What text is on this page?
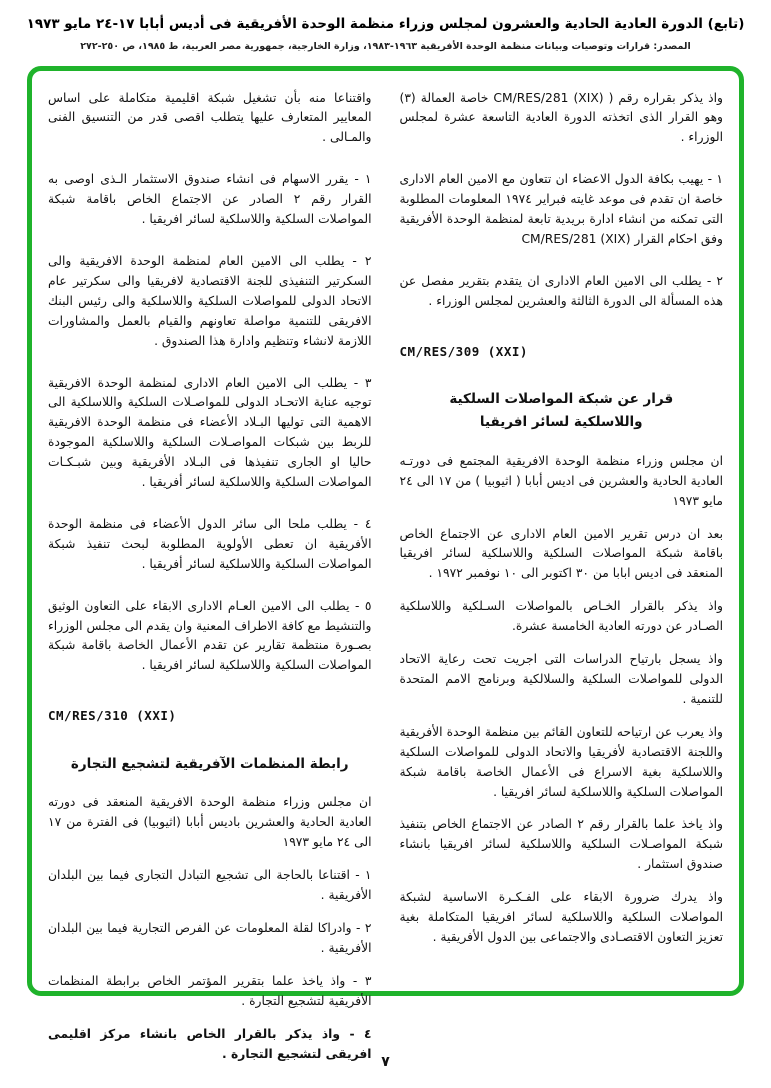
(تابع) الدورة العادية الحادية والعشرون لمجلس وزراء منظمة الوحدة الأفريقية فى أديس أبابا ١٧-٢٤ مايو ١٩٧٣
المصدر: قرارات وتوصيات وبيانات منظمة الوحدة الأفريقية ١٩٦٣-١٩٨٣، وزارة الخارجية، جمهورية مصر العربية، ط ١٩٨٥، ص ٢٥٠-٢٧٢

واذ يذكر بقراره رقم ( (CM/RES/281 (XIX خاصة العمالة (٣) وهو القرار الذى اتخذته الدورة العادية التاسعة عشرة لمجلس الوزراء .

١ - يهيب بكافة الدول الاعضاء ان تتعاون مع الامين العام الادارى خاصة ان تقدم فى موعد غايته فبراير ١٩٧٤ المعلومات المطلوبة التى تمكنه من انشاء ادارة بريدية تابعة لمنظمة الوحدة الأفريقية وفق احكام القرار (CM/RES/281 (XIX

٢ - يطلب الى الامين العام الادارى ان يتقدم بتقرير مفصل عن هذه المسألة الى الدورة الثالثة والعشرين لمجلس الوزراء .

CM/RES/309 (XXI)
قرار عن شبكة المواصلات السلكية واللاسلكية لسائر افريقيا

ان مجلس وزراء منظمة الوحدة الافريقية المجتمع فى دورتـه العادية الحادية والعشرين فى اديس أبابا ( اثيوبيا ) من ١٧ الى ٢٤ مايو ١٩٧٣

بعد ان درس تقرير الامين العام الادارى عن الاجتماع الخاص باقامة شبكة المواصلات السلكية واللاسلكية لسائر افريقيا المنعقد فى اديس ابابا من ٣٠ اكتوبر الى ١٠ نوفمبر ١٩٧٢ .

واذ يذكر بالقرار الخـاص بالمواصلات السـلكية واللاسلكية الصـادر عن دورته العادية الخامسة عشرة.

واذ يسجل بارتياح الدراسات التى اجريت تحت رعاية الاتحاد الدولى للمواصلات السلكية والسلالكية وبرنامج الامم المتحدة للتنمية .

واذ يعرب عن ارتياحه للتعاون القائم بين منظمة الوحدة الأفريقية واللجنة الاقتصادية لأفريقيا والاتحاد الدولى للمواصلات السلكية واللاسلكية بغية الاسراع فى الأعمال الخاصة باقامة شبكة المواصلات السلكية واللاسلكية لسائر افريقيا .

واذ ياخذ علما بالقرار رقم ٢ الصادر عن الاجتماع الخاص بتنفيذ شبكة المواصـلات السلكية واللاسلكية لسائر افريقيا بانشاء صندوق استثمار .

واذ يدرك ضرورة الابقاء على الفـكـرة الاساسية لشبكة المواصلات السلكية واللاسلكية لسائر افريقيا المتكاملة بغية تعزيز التعاون الاقتصـادى والاجتماعى بين الدول الأفريقية .

واقتناعا منه بأن تشغيل شبكة اقليمية متكاملة على اساس المعايير المتعارف عليها يتطلب اقصى قدر من التنسيق الفنى والمـالى .

١ - يقرر الاسهام فى انشاء صندوق الاستثمار الـذى اوصى به القرار رقم ٢ الصادر عن الاجتماع الخاص باقامة شبكة المواصلات السلكية واللاسلكية لسائر افريقيا .

٢ - يطلب الى الامين العام لمنظمة الوحدة الافريقية والى السكرتير التنفيذى للجنة الاقتصادية لافريقيا والى سكرتير عام الاتحاد الدولى للمواصلات السلكية واللاسلكية والى رئيس البنك الافريقى للتنمية مواصلة تعاونهم والقيام بالعمل والمشاورات اللازمة لانشاء وتنظيم وادارة هذا الصندوق .

٣ - يطلب الى الامين العام الادارى لمنظمة الوحدة الافريقية توجيه عناية الاتحـاد الدولى للمواصـلات السلكية واللاسلكية الى الاهمية التى توليها البـلاد الأعضاء فى منظمة الوحدة الافريقية للربط بين شبكات المواصـلات السلكية واللاسلكية الموجودة حاليا او الجارى تنفيذها فى البـلاد الأفريقية وبين شبـكـات المواصلات السلكية واللاسلكية لسائر أفريقيا .

٤ - يطلب ملحا الى سائر الدول الأعضاء فى منظمة الوحدة الأفريقية ان تعطى الأولوية المطلوبة لبحث تنفيذ شبكة المواصلات السلكية واللاسلكية لسائر أفريقيا .

٥ - يطلب الى الامين العـام الادارى الابقاء على التعاون الوثيق والتنشيط مع كافة الاطراف المعنية وان يقدم الى مجلس الوزراء بصـورة منتظمة تقارير عن تقدم الأعمال الخاصة باقامة شبكة المواصلات السلكية واللاسلكية لسائر افريقيا .

CM/RES/310 (XXI)
رابطة المنظمات الآفريقية لتشجيع التجارة

ان مجلس وزراء منظمة الوحدة الافريقية المنعقد فى دورته العادية الحادية والعشرين باديس أبابا (اثيوبيا) فى الفترة من ١٧ الى ٢٤ مايو ١٩٧٣

١ - اقتناعا بالحاجة الى تشجيع التبادل التجارى فيما بين البلدان الأفريقية .

٢ - وادراكا لقلة المعلومات عن الفرص التجارية فيما بين البلدان الأفريقية .

٣ - واذ ياخذ علما بتقرير المؤتمر الخاص برابطة المنظمات الأفريقية لتشجيع التجارة .

٤ - واذ يذكر بالقرار الخاص بانشاء مركز اقليمى افريقى لتشجيع التجارة .

٧
